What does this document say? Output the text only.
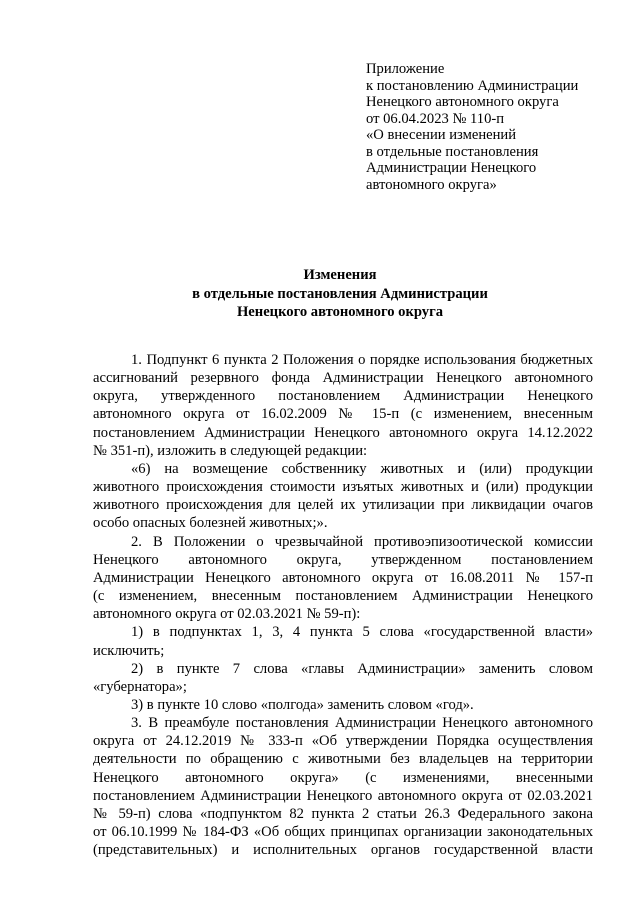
Приложение
к постановлению Администрации
Ненецкого автономного округа
от 06.04.2023 № 110-п
«О внесении изменений
в отдельные постановления
Администрации Ненецкого
автономного округа»
Изменения
в отдельные постановления Администрации
Ненецкого автономного округа
1. Подпункт 6 пункта 2 Положения о порядке использования бюджетных
ассигнований резервного фонда Администрации Ненецкого автономного
округа, утвержденного постановлением Администрации Ненецкого
автономного округа от 16.02.2009 № 15-п (с изменением, внесенным
постановлением Администрации Ненецкого автономного округа 14.12.2022
№ 351-п), изложить в следующей редакции:
«6) на возмещение собственнику животных и (или) продукции
животного происхождения стоимости изъятых животных и (или) продукции
животного происхождения для целей их утилизации при ликвидации очагов
особо опасных болезней животных;».
2. В Положении о чрезвычайной противоэпизоотической комиссии
Ненецкого автономного округа, утвержденном постановлением
Администрации Ненецкого автономного округа от 16.08.2011 № 157-п
(с изменением, внесенным постановлением Администрации Ненецкого
автономного округа от 02.03.2021 № 59-п):
1) в подпунктах 1, 3, 4 пункта 5 слова «государственной власти»
исключить;
2) в пункте 7 слова «главы Администрации» заменить словом
«губернатора»;
3) в пункте 10 слово «полгода» заменить словом «год».
3. В преамбуле постановления Администрации Ненецкого автономного
округа от 24.12.2019 № 333-п «Об утверждении Порядка осуществления
деятельности по обращению с животными без владельцев на территории
Ненецкого автономного округа» (с изменениями, внесенными
постановлением Администрации Ненецкого автономного округа от 02.03.2021
№ 59-п) слова «подпунктом 82 пункта 2 статьи 26.3 Федерального закона
от 06.10.1999 № 184-ФЗ «Об общих принципах организации законодательных
(представительных) и исполнительных органов государственной власти
